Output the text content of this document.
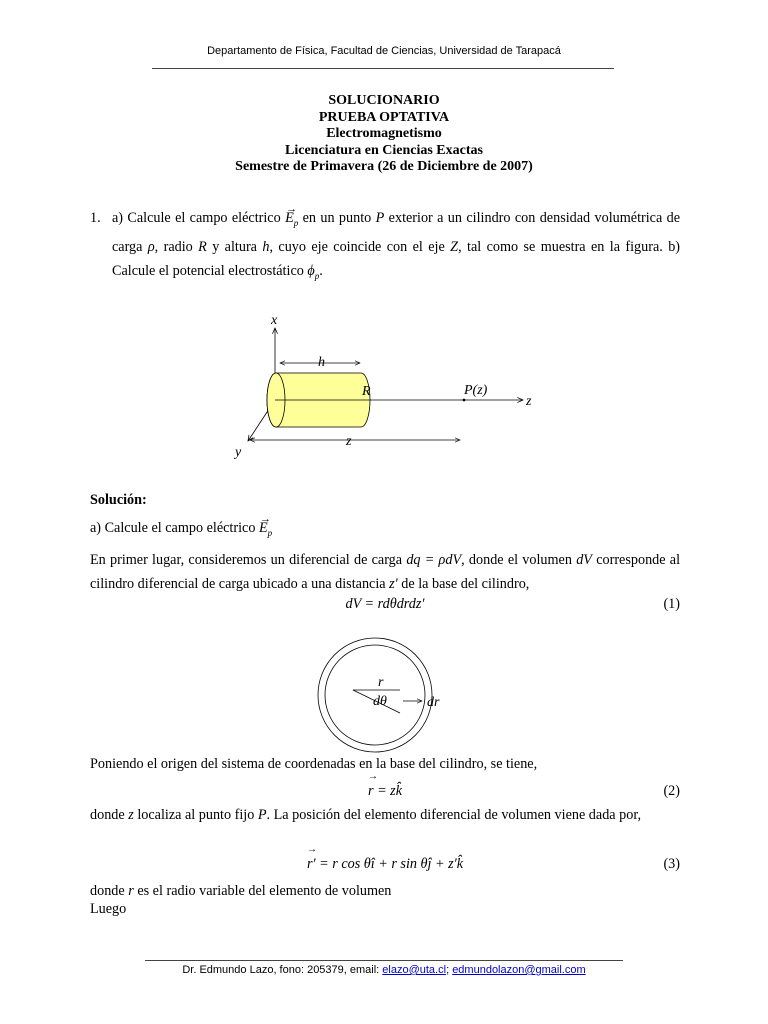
Departamento de Física, Facultad de Ciencias, Universidad de Tarapacá
SOLUCIONARIO
PRUEBA OPTATIVA
Electromagnetismo
Licenciatura en Ciencias Exactas
Semestre de Primavera (26 de Diciembre de 2007)
1. a) Calcule el campo eléctrico
→
$E_p$ en un punto P exterior a un cilindro con densidad volumétrica de carga ρ, radio R y altura h, cuyo eje coincide con el eje Z, tal como se muestra en la figura. b) Calcule el potencial electrostático $\phi_p$.
x
y
z
h
R	P(z)
z
Solución:
a) Calcule el campo eléctrico
→
$E_p$
En primer lugar, consideremos un diferencial de carga dq = ρdV, donde el volumen dV corresponde al cilindro diferencial de carga ubicado a una distancia z′ de la base del cilindro,
dV = rdθdrdz′	(1)
r
dθ	dr
Poniendo el origen del sistema de coordenadas en la base del cilindro, se tiene,
→
r = zk̂	(2)
donde z localiza al punto fijo P. La posición del elemento diferencial de volumen viene dada por,
→
r′ = r cos θî + r sin θĵ + z′k̂	(3)
donde r es el radio variable del elemento de volumen
Luego
Dr. Edmundo Lazo, fono: 205379, email: elazo@uta.cl; edmundolazon@gmail.com
